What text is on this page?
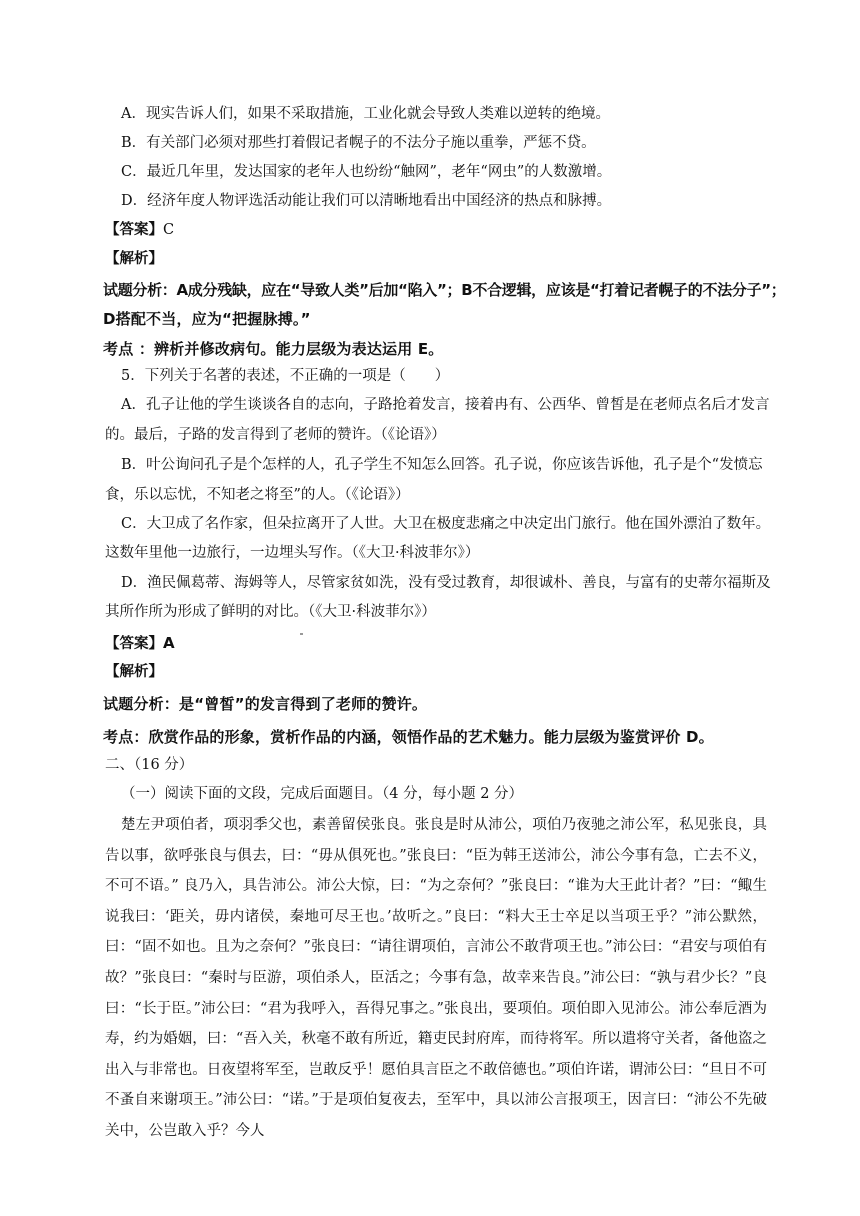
A．现实告诉人们，如果不采取措施，工业化就会导致人类难以逆转的绝境。
B．有关部门必须对那些打着假记者幌子的不法分子施以重拳，严惩不贷。
C．最近几年里，发达国家的老年人也纷纷“触网”，老年“网虫”的人数激增。
D．经济年度人物评选活动能让我们可以清晰地看出中国经济的热点和脉搏。
【答案】C
【解析】
试题分析：A成分残缺，应在“导致人类”后加“陷入”；B不合逻辑，应该是“打着记者幌子的不法分子”；
D搭配不当，应为“把握脉搏。”
考点 ：辨析并修改病句。能力层级为表达运用 E。
5．下列关于名著的表述，不正确的一项是（　　）
A．孔子让他的学生谈谈各自的志向，子路抢着发言，接着冉有、公西华、曾皙是在老师点名后才发言
的。最后，子路的发言得到了老师的赞许。（《论语》）
B．叶公询问孔子是个怎样的人，孔子学生不知怎么回答。孔子说，你应该告诉他，孔子是个“发愤忘
食，乐以忘忧，不知老之将至”的人。（《论语》）
C．大卫成了名作家，但朵拉离开了人世。大卫在极度悲痛之中决定出门旅行。他在国外漂泊了数年。
这数年里他一边旅行，一边埋头写作。（《大卫·科波菲尔》）
D．渔民佩葛蒂、海姆等人，尽管家贫如洗，没有受过教育，却很诚朴、善良，与富有的史蒂尔福斯及
其所作所为形成了鲜明的对比。（《大卫·科波菲尔》）
【答案】A
【解析】
试题分析：是“曾皙”的发言得到了老师的赞许。
考点：欣赏作品的形象，赏析作品的内涵，领悟作品的艺术魅力。能力层级为鉴赏评价 D。
二、（16 分）
（一）阅读下面的文段，完成后面题目。（4 分，每小题 2 分）
楚左尹项伯者，项羽季父也，素善留侯张良。张良是时从沛公，项伯乃夜驰之沛公军，私见张良，具告以事，欲呼张良与俱去，曰：“毋从俱死也。”张良曰：“臣为韩王送沛公，沛公今事有急，亡去不义，不可不语。” 良乃入，具告沛公。沛公大惊，曰：“为之奈何？”张良曰：“谁为大王此计者？”曰：“鲰生说我曰：‘距关，毋内诸侯，秦地可尽王也。’故听之。”良曰：“料大王士卒足以当项王乎？”沛公默然，曰：“固不如也。且为之奈何？”张良曰：“请往谓项伯，言沛公不敢背项王也。”沛公曰：“君安与项伯有故？”张良曰：“秦时与臣游，项伯杀人，臣活之；今事有急，故幸来告良。”沛公曰：“孰与君少长？”良曰：“长于臣。”沛公曰：“君为我呼入，吾得兄事之。”张良出，要项伯。项伯即入见沛公。沛公奉卮酒为寿，约为婚姻，曰：“吾入关，秋毫不敢有所近，籍吏民封府库，而待将军。所以遣将守关者，备他盗之出入与非常也。日夜望将军至，岂敢反乎！愿伯具言臣之不敢倍德也。”项伯许诺，谓沛公曰：“旦日不可不蚤自来谢项王。”沛公曰：“诺。”于是项伯复夜去，至军中，具以沛公言报项王，因言曰：“沛公不先破关中，公岂敢入乎？今人
